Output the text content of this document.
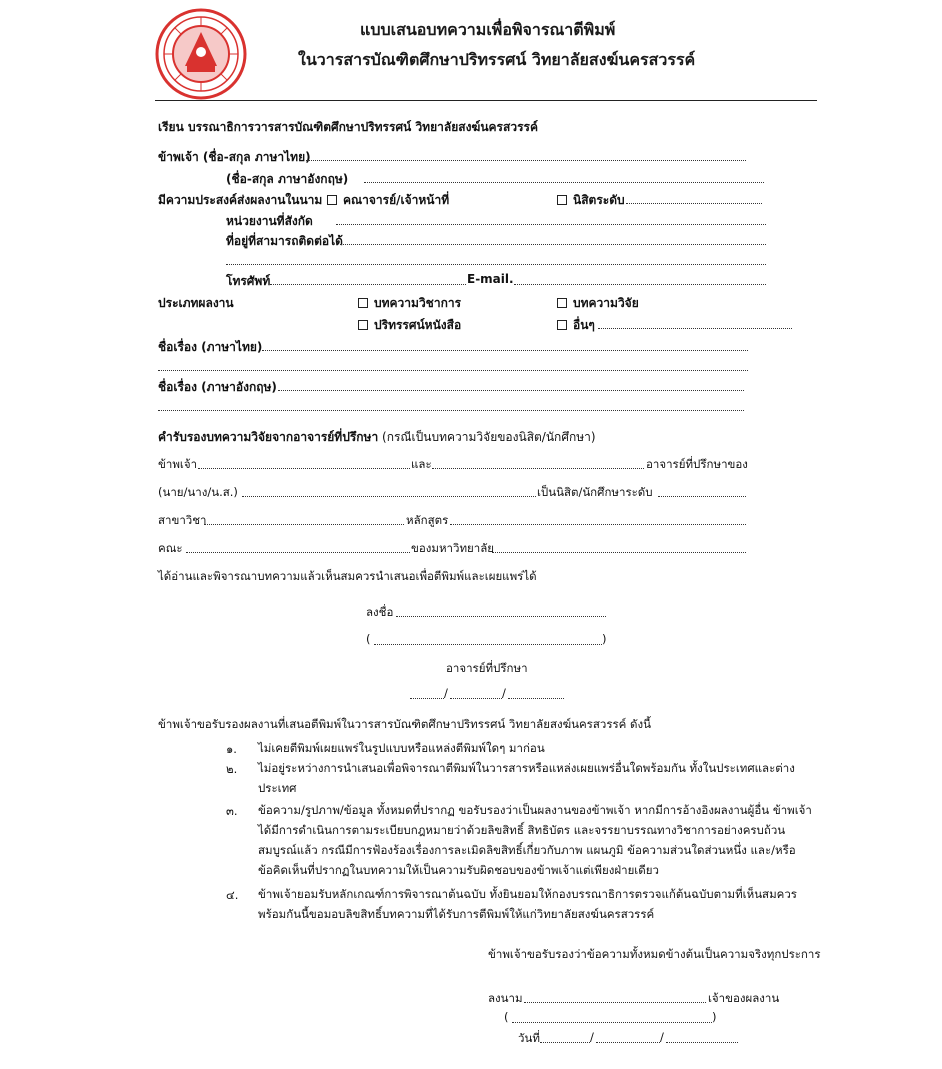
แบบเสนอบทความเพื่อพิจารณาตีพิมพ์
ในวารสารบัณฑิตศึกษาปริทรรศน์ วิทยาลัยสงฆ์นครสวรรค์
เรียน บรรณาธิการวารสารบัณฑิตศึกษาปริทรรศน์ วิทยาลัยสงฆ์นครสวรรค์
ข้าพเจ้า (ชื่อ-สกุล ภาษาไทย)
(ชื่อ-สกุล ภาษาอังกฤษ)
มีความประสงค์ส่งผลงานในนาม	คณาจารย์/เจ้าหน้าที่	นิสิตระดับ
หน่วยงานที่สังกัด
ที่อยู่ที่สามารถติดต่อได้
โทรศัพท์	E-mail.
ประเภทผลงาน	บทความวิชาการ	บทความวิจัย
ปริทรรศน์หนังสือ	อื่นๆ
ชื่อเรื่อง (ภาษาไทย)
ชื่อเรื่อง (ภาษาอังกฤษ)
คำรับรองบทความวิจัยจากอาจารย์ที่ปรึกษา (กรณีเป็นบทความวิจัยของนิสิต/นักศึกษา)
ข้าพเจ้า	และ	อาจารย์ที่ปรึกษาของ
(นาย/นาง/น.ส.)	เป็นนิสิต/นักศึกษาระดับ
สาขาวิชา	หลักสูตร
คณะ	ของมหาวิทยาลัย
ได้อ่านและพิจารณาบทความแล้วเห็นสมควรนำเสนอเพื่อตีพิมพ์และเผยแพร่ได้
ลงชื่อ
(	)
อาจารย์ที่ปรึกษา
/	/
ข้าพเจ้าขอรับรองผลงานที่เสนอตีพิมพ์ในวารสารบัณฑิตศึกษาปริทรรศน์ วิทยาลัยสงฆ์นครสวรรค์ ดังนี้
๑. ไม่เคยตีพิมพ์เผยแพร่ในรูปแบบหรือแหล่งตีพิมพ์ใดๆ มาก่อน
๒. ไม่อยู่ระหว่างการนำเสนอเพื่อพิจารณาตีพิมพ์ในวารสารหรือแหล่งเผยแพร่อื่นใดพร้อมกัน ทั้งในประเทศและต่างประเทศ
๓. ข้อความ/รูปภาพ/ข้อมูล ทั้งหมดที่ปรากฏ ขอรับรองว่าเป็นผลงานของข้าพเจ้า หากมีการอ้างอิงผลงานผู้อื่น ข้าพเจ้าได้มีการดำเนินการตามระเบียบกฎหมายว่าด้วยลิขสิทธิ์ สิทธิบัตร และจรรยาบรรณทางวิชาการอย่างครบถ้วนสมบูรณ์แล้ว กรณีมีการฟ้องร้องเรื่องการละเมิดลิขสิทธิ์เกี่ยวกับภาพ แผนภูมิ ข้อความส่วนใดส่วนหนึ่ง และ/หรือข้อคิดเห็นที่ปรากฏในบทความให้เป็นความรับผิดชอบของข้าพเจ้าแต่เพียงฝ่ายเดียว
๔. ข้าพเจ้ายอมรับหลักเกณฑ์การพิจารณาต้นฉบับ ทั้งยินยอมให้กองบรรณาธิการตรวจแก้ต้นฉบับตามที่เห็นสมควร พร้อมกันนี้ขอมอบลิขสิทธิ์บทความที่ได้รับการตีพิมพ์ให้แก่วิทยาลัยสงฆ์นครสวรรค์
ข้าพเจ้าขอรับรองว่าข้อความทั้งหมดข้างต้นเป็นความจริงทุกประการ
ลงนาม	เจ้าของผลงาน
(	)
วันที่	/	/
